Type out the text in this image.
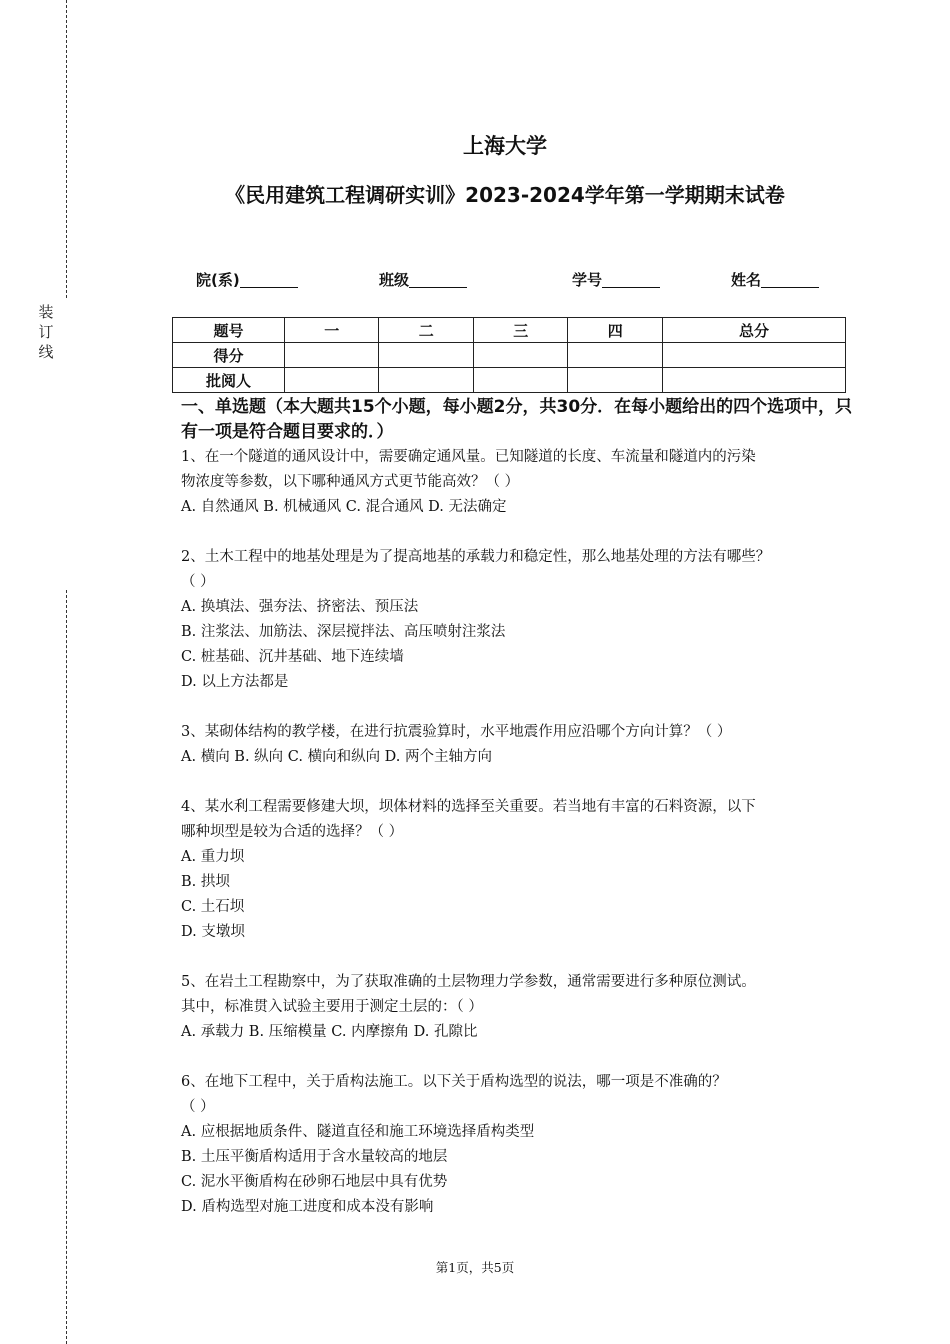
装订线
上海大学
《民用建筑工程调研实训》2023-2024学年第一学期期末试卷
院(系)	班级	学号	姓名
题号	一	二	三	四	总分
得分					
批阅人					

一、单选题（本大题共15个小题，每小题2分，共30分．在每小题给出的四个选项中，只有一项是符合题目要求的．）

1、在一个隧道的通风设计中，需要确定通风量。已知隧道的长度、车流量和隧道内的污染

物浓度等参数，以下哪种通风方式更节能高效？（ ）

A. 自然通风 B. 机械通风 C. 混合通风 D. 无法确定

2、土木工程中的地基处理是为了提高地基的承载力和稳定性，那么地基处理的方法有哪些？

（ ）

A. 换填法、强夯法、挤密法、预压法

B. 注浆法、加筋法、深层搅拌法、高压喷射注浆法

C. 桩基础、沉井基础、地下连续墙

D. 以上方法都是

3、某砌体结构的教学楼，在进行抗震验算时，水平地震作用应沿哪个方向计算？（ ）

A. 横向 B. 纵向 C. 横向和纵向 D. 两个主轴方向

4、某水利工程需要修建大坝，坝体材料的选择至关重要。若当地有丰富的石料资源，以下

哪种坝型是较为合适的选择？（ ）

A. 重力坝

B. 拱坝

C. 土石坝

D. 支墩坝

5、在岩土工程勘察中，为了获取准确的土层物理力学参数，通常需要进行多种原位测试。

其中，标准贯入试验主要用于测定土层的：（ ）

A. 承载力 B. 压缩模量 C. 内摩擦角 D. 孔隙比

6、在地下工程中，关于盾构法施工。以下关于盾构选型的说法，哪一项是不准确的？

（ ）

A. 应根据地质条件、隧道直径和施工环境选择盾构类型

B. 土压平衡盾构适用于含水量较高的地层

C. 泥水平衡盾构在砂卵石地层中具有优势

D. 盾构选型对施工进度和成本没有影响

第1页，共5页
